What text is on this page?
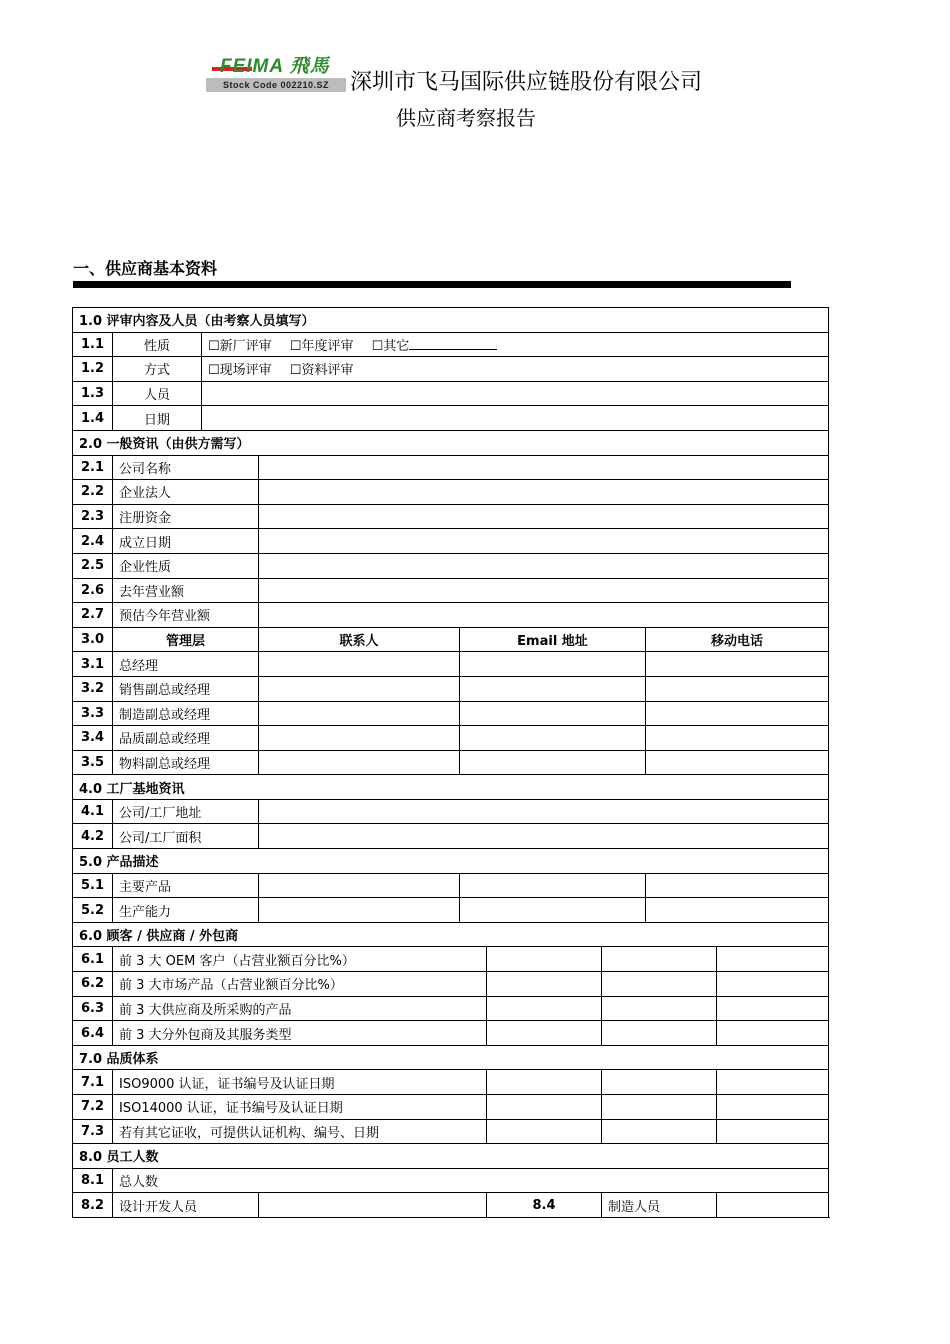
FEIMA 飛馬
Stock Code 002210.SZ 深圳市飞马国际供应链股份有限公司
供应商考察报告
一、供应商基本资料
1.0 评审内容及人员（由考察人员填写）								
1.1	性质	☐新厂评审 ☐年度评审 ☐其它						
1.2	方式	☐现场评审 ☐资料评审						
1.3	人员							
1.4	日期							
2.0 一般资讯（由供方需写）								
2.1	公司名称							
2.2	企业法人							
2.3	注册资金							
2.4	成立日期							
2.5	企业性质							
2.6	去年营业额							
2.7	预估今年营业额							
3.0	管理层		联系人	Email 地址			移动电话	
3.1	总经理							
3.2	销售副总或经理							
3.3	制造副总或经理							
3.4	品质副总或经理							
3.5	物料副总或经理							
4.0 工厂基地资讯								
4.1	公司/工厂地址							
4.2	公司/工厂面积							
5.0 产品描述								
5.1	主要产品							
5.2	生产能力							
6.0 顾客 / 供应商 / 外包商								
6.1	前 3 大 OEM 客户（占营业额百分比%）							
6.2	前 3 大市场产品（占营业额百分比%）							
6.3	前 3 大供应商及所采购的产品							
6.4	前 3 大分外包商及其服务类型							
7.0 品质体系								
7.1	ISO9000 认证，证书编号及认证日期							
7.2	ISO14000 认证，证书编号及认证日期							
7.3	若有其它证收，可提供认证机构、编号、日期							
8.0 员工人数								
8.1	总人数							
8.2	设计开发人员				8.4	制造人员		
